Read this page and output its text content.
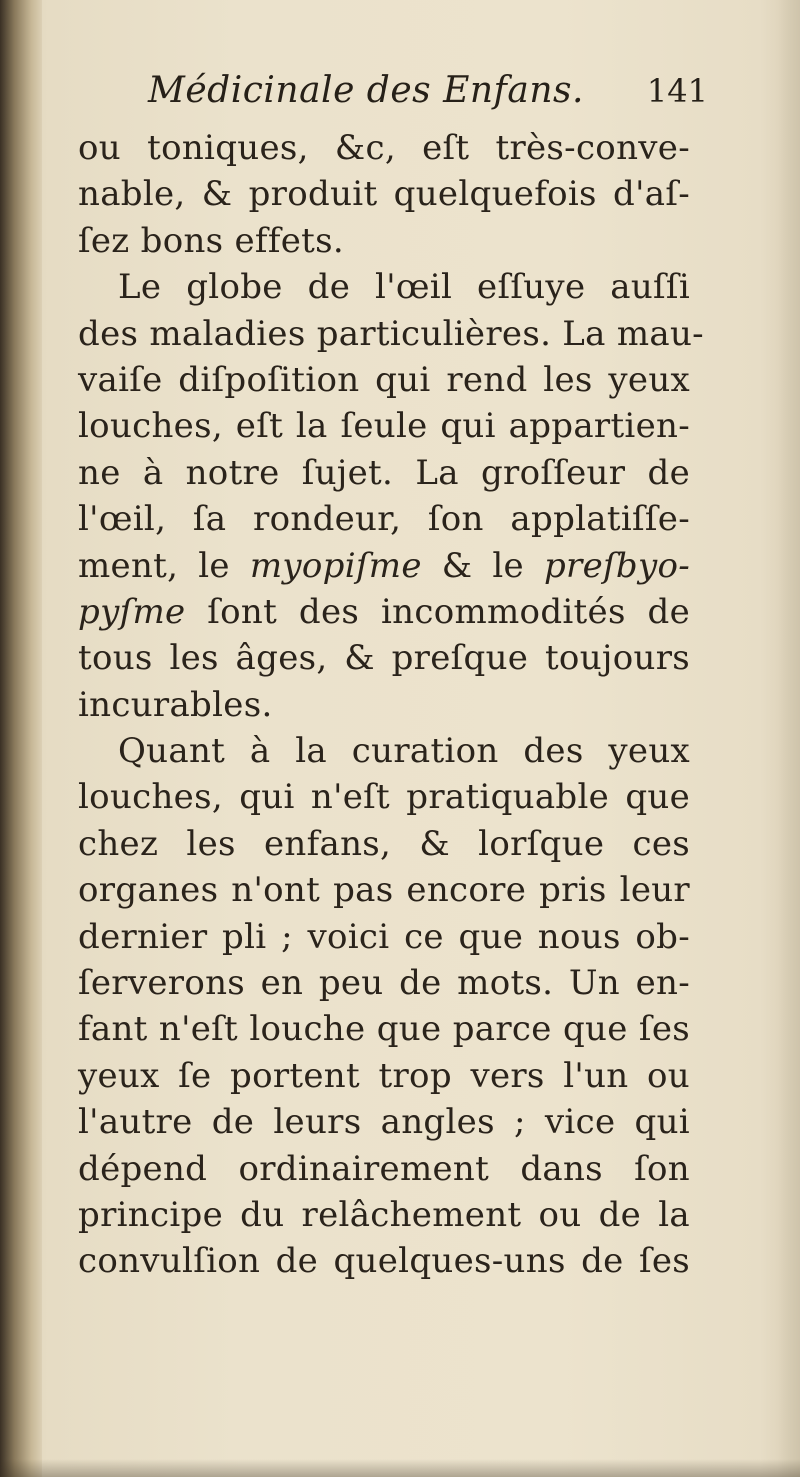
Médicinale des Enfans. 141
ou toniques, &c, eſt très-conve-
nable, & produit quelquefois d'aſ-
ſez bons effets.
Le globe de l'œil eſſuye auſſi
des maladies particulières. La mau-
vaiſe diſpoſition qui rend les yeux
louches, eſt la ſeule qui appartien-
ne à notre ſujet. La groſſeur de
l'œil, ſa rondeur, ſon applatiſſe-
ment, le myopiſme & le preſbyo-
pyſme ſont des incommodités de
tous les âges, & preſque toujours
incurables.
Quant à la curation des yeux
louches, qui n'eſt pratiquable que
chez les enfans, & lorſque ces
organes n'ont pas encore pris leur
dernier pli ; voici ce que nous ob-
ſerverons en peu de mots. Un en-
fant n'eſt louche que parce que ſes
yeux ſe portent trop vers l'un ou
l'autre de leurs angles ; vice qui
dépend ordinairement dans ſon
principe du relâchement ou de la
convulſion de quelques-uns de ſes
